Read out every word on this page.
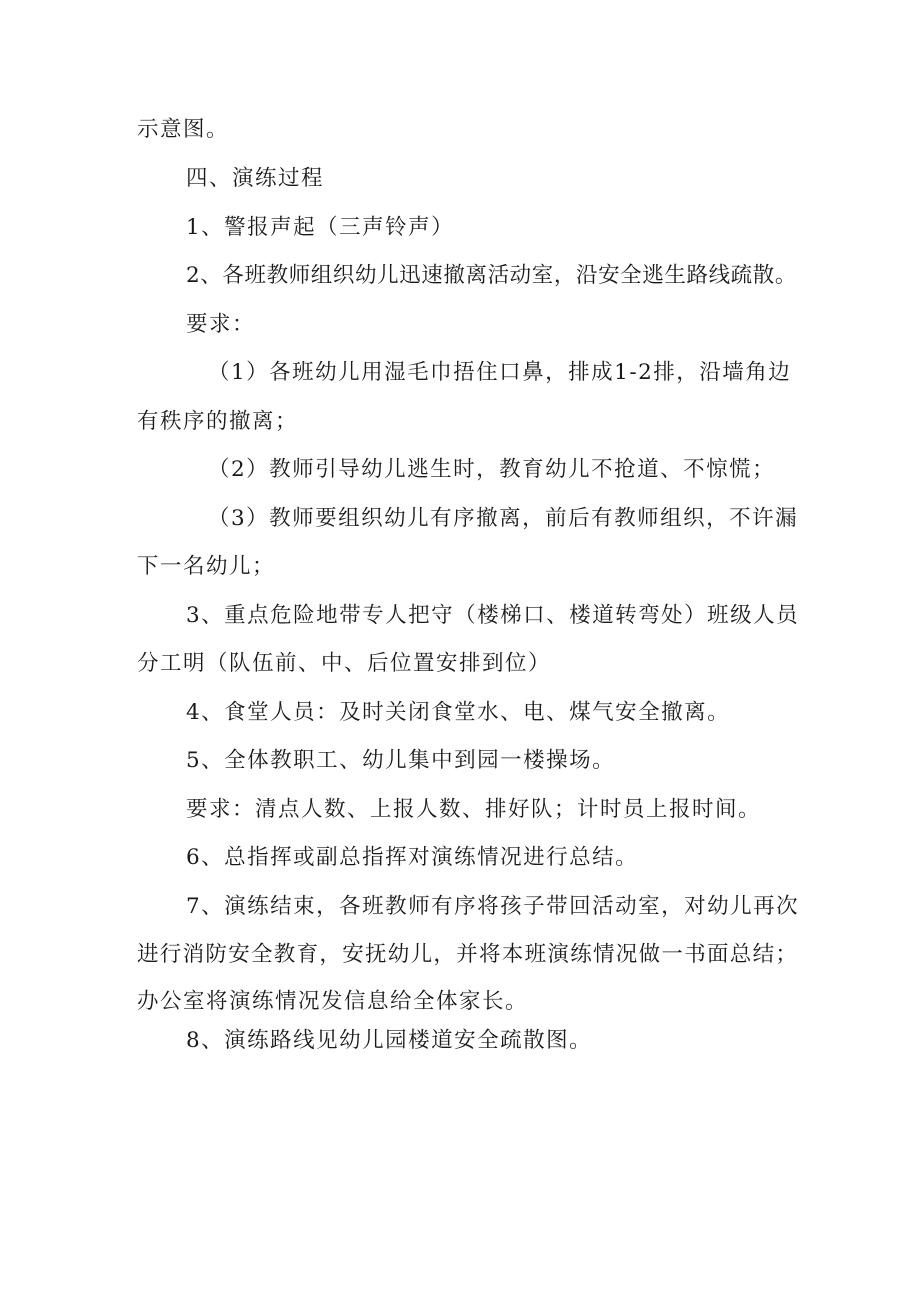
示意图。
四、演练过程
1、警报声起（三声铃声）
2、各班教师组织幼儿迅速撤离活动室，沿安全逃生路线疏散。
要求：
（1）各班幼儿用湿毛巾捂住口鼻，排成1-2排，沿墙角边
有秩序的撤离；
（2）教师引导幼儿逃生时，教育幼儿不抢道、不惊慌；
（3）教师要组织幼儿有序撤离，前后有教师组织，不许漏
下一名幼儿；
3、重点危险地带专人把守（楼梯口、楼道转弯处）班级人员
分工明（队伍前、中、后位置安排到位）
4、食堂人员：及时关闭食堂水、电、煤气安全撤离。
5、全体教职工、幼儿集中到园一楼操场。
要求：清点人数、上报人数、排好队；计时员上报时间。
6、总指挥或副总指挥对演练情况进行总结。
7、演练结束，各班教师有序将孩子带回活动室，对幼儿再次
进行消防安全教育，安抚幼儿，并将本班演练情况做一书面总结；
办公室将演练情况发信息给全体家长。
8、演练路线见幼儿园楼道安全疏散图。
